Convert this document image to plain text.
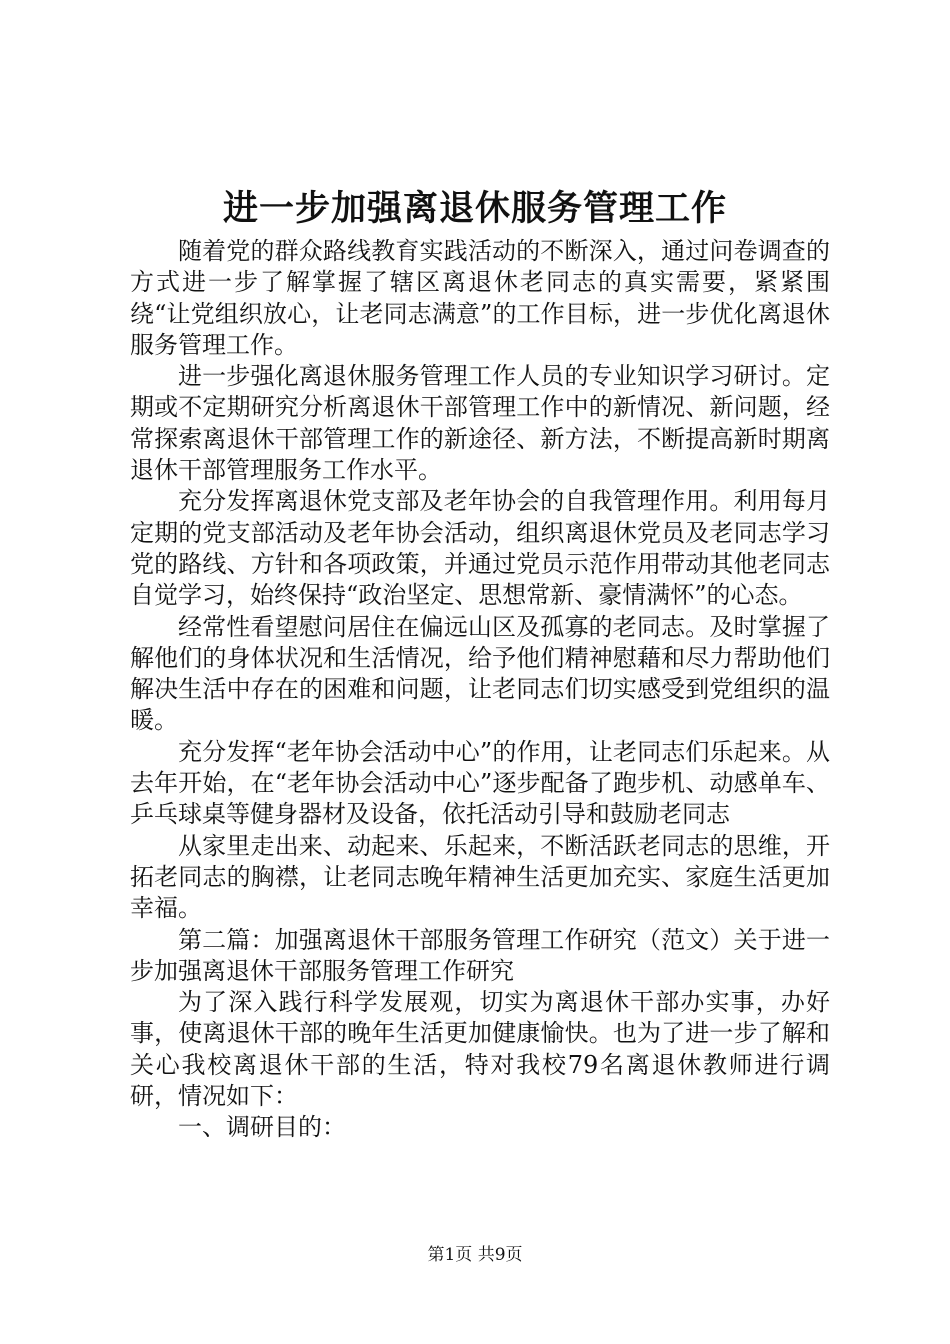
进一步加强离退休服务管理工作

随着党的群众路线教育实践活动的不断深入，通过问卷调查的方式进一步了解掌握了辖区离退休老同志的真实需要，紧紧围绕“让党组织放心，让老同志满意”的工作目标，进一步优化离退休服务管理工作。

进一步强化离退休服务管理工作人员的专业知识学习研讨。定期或不定期研究分析离退休干部管理工作中的新情况、新问题，经常探索离退休干部管理工作的新途径、新方法，不断提高新时期离退休干部管理服务工作水平。

充分发挥离退休党支部及老年协会的自我管理作用。利用每月定期的党支部活动及老年协会活动，组织离退休党员及老同志学习党的路线、方针和各项政策，并通过党员示范作用带动其他老同志自觉学习，始终保持“政治坚定、思想常新、豪情满怀”的心态。

经常性看望慰问居住在偏远山区及孤寡的老同志。及时掌握了解他们的身体状况和生活情况，给予他们精神慰藉和尽力帮助他们解决生活中存在的困难和问题，让老同志们切实感受到党组织的温暖。

充分发挥“老年协会活动中心”的作用，让老同志们乐起来。从去年开始，在“老年协会活动中心”逐步配备了跑步机、动感单车、乒乓球桌等健身器材及设备，依托活动引导和鼓励老同志

从家里走出来、动起来、乐起来，不断活跃老同志的思维，开拓老同志的胸襟，让老同志晚年精神生活更加充实、家庭生活更加幸福。

第二篇：加强离退休干部服务管理工作研究（范文）关于进一步加强离退休干部服务管理工作研究

为了深入践行科学发展观，切实为离退休干部办实事，办好事，使离退休干部的晚年生活更加健康愉快。也为了进一步了解和关心我校离退休干部的生活，特对我校79名离退休教师进行调研，情况如下：

一、调研目的：

第1页 共9页
